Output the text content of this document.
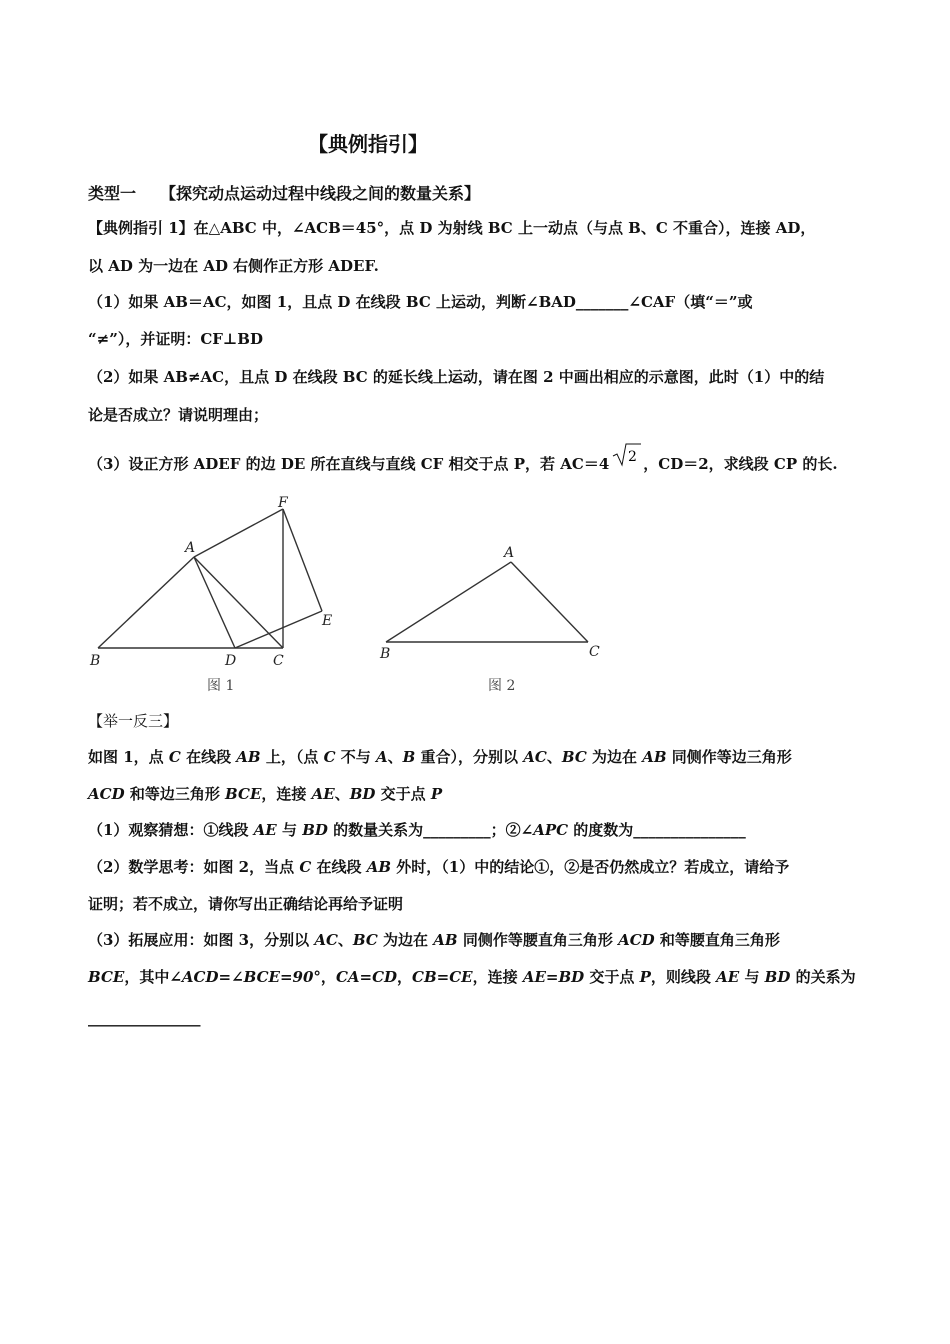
【典例指引】
类型一 【探究动点运动过程中线段之间的数量关系】
【典例指引 1】在△ABC 中，∠ACB＝45°，点 D 为射线 BC 上一动点（与点 B、C 不重合），连接 AD，
以 AD 为一边在 AD 右侧作正方形 ADEF.
（1）如果 AB＝AC，如图 1，且点 D 在线段 BC 上运动，判断∠BAD_______∠CAF（填“＝”或
“≠”），并证明：CF⊥BD
（2）如果 AB≠AC，且点 D 在线段 BC 的延长线上运动，请在图 2 中画出相应的示意图，此时（1）中的结
论是否成立？请说明理由；
（3）设正方形 ADEF 的边 DE 所在直线与直线 CF 相交于点 P，若 AC＝4 2 ，CD＝2，求线段 CP 的长.
A
B	D	C
E
F
图 1
A
B	C
图 2
【举一反三】
如图 1，点 C 在线段 AB 上，（点 C 不与 A、B 重合），分别以 AC、BC 为边在 AB 同侧作等边三角形
ACD 和等边三角形 BCE，连接 AE、BD 交于点 P
（1）观察猜想：①线段 AE 与 BD 的数量关系为_________；②∠APC 的度数为_______________
（2）数学思考：如图 2，当点 C 在线段 AB 外时，（1）中的结论①，②是否仍然成立？若成立，请给予
证明；若不成立，请你写出正确结论再给予证明
（3）拓展应用：如图 3，分别以 AC、BC 为边在 AB 同侧作等腰直角三角形 ACD 和等腰直角三角形
BCE，其中∠ACD=∠BCE=90°，CA=CD，CB=CE，连接 AE=BD 交于点 P，则线段 AE 与 BD 的关系为
_______________
